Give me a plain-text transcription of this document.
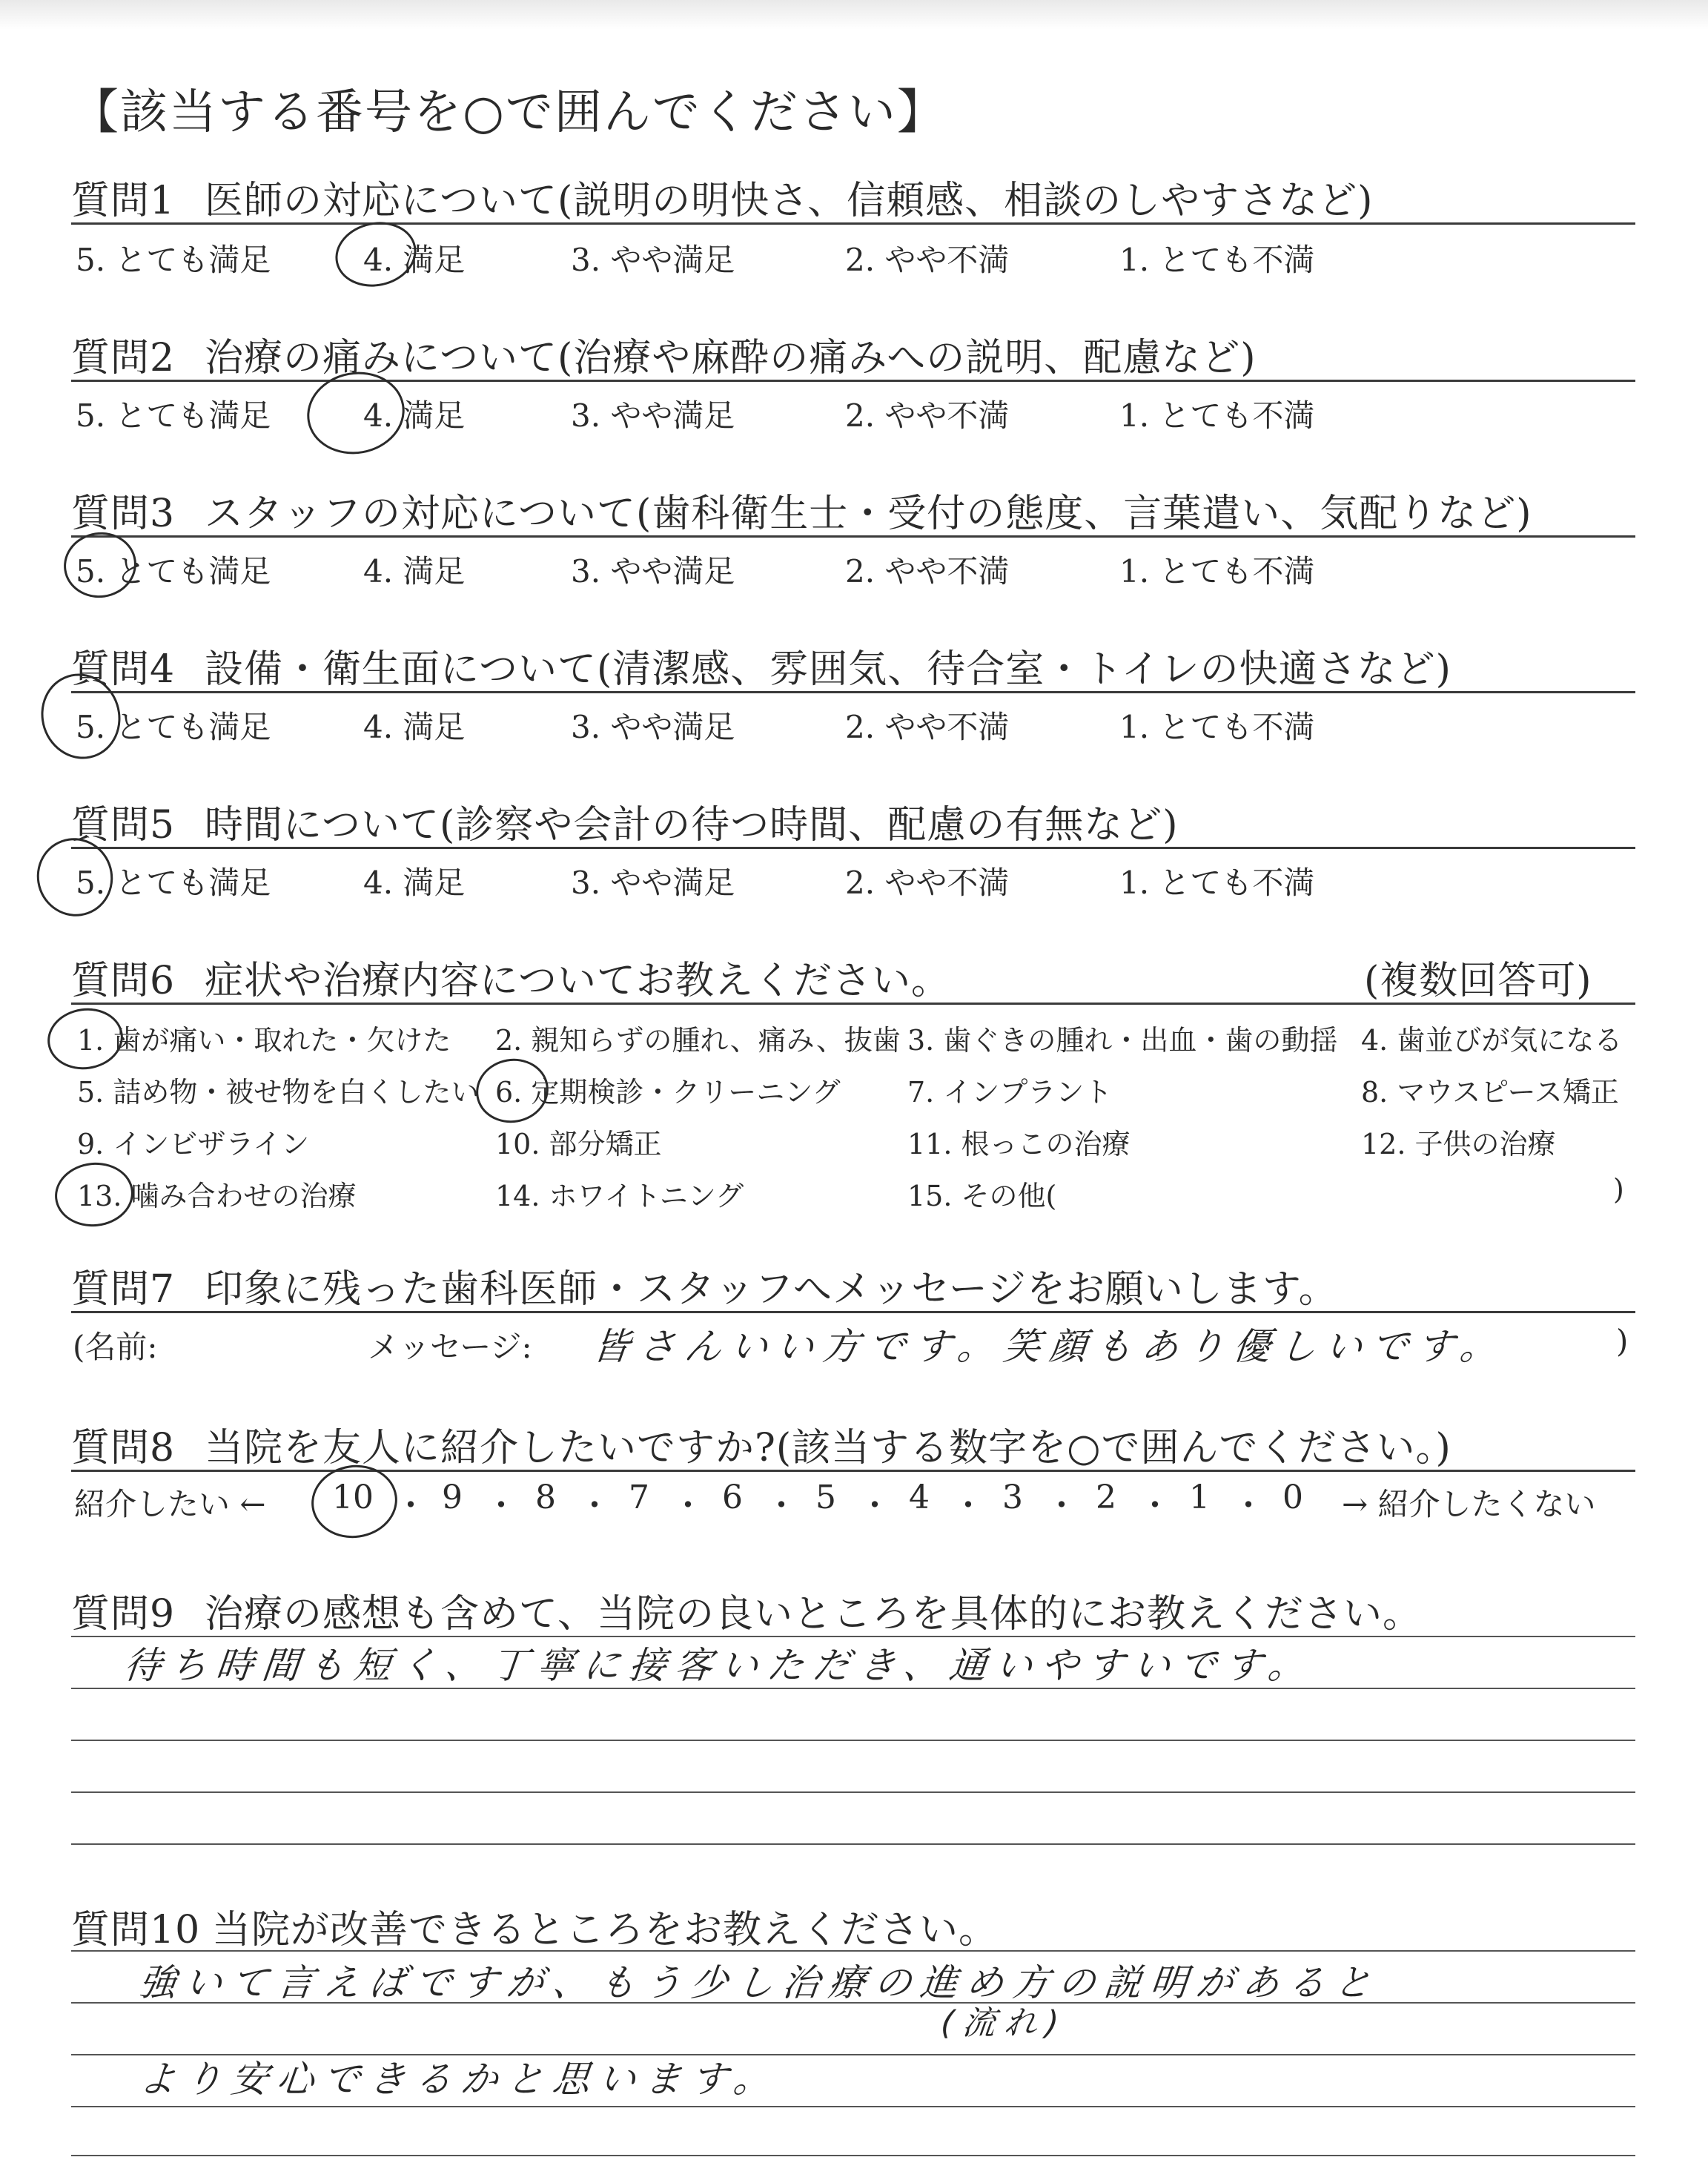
【該当する番号を○で囲んでください】
質問1 医師の対応について(説明の明快さ、信頼感、相談のしやすさなど)
5. とても満足	4. 満足	3. やや満足	2. やや不満	1. とても不満
質問2 治療の痛みについて(治療や麻酔の痛みへの説明、配慮など)
5. とても満足	4. 満足	3. やや満足	2. やや不満	1. とても不満
質問3 スタッフの対応について(歯科衛生士・受付の態度、言葉遣い、気配りなど)
5. とても満足	4. 満足	3. やや満足	2. やや不満	1. とても不満
質問4 設備・衛生面について(清潔感、雰囲気、待合室・トイレの快適さなど)
5. とても満足	4. 満足	3. やや満足	2. やや不満	1. とても不満
質問5 時間について(診察や会計の待つ時間、配慮の有無など)
5. とても満足	4. 満足	3. やや満足	2. やや不満	1. とても不満
質問6 症状や治療内容についてお教えください。	(複数回答可)
1. 歯が痛い・取れた・欠けた 2. 親知らずの腫れ、痛み、抜歯 3. 歯ぐきの腫れ・出血・歯の動揺 4. 歯並びが気になる
5. 詰め物・被せ物を白くしたい 6. 定期検診・クリーニング 7. インプラント	8. マウスピース矯正
9. インビザライン	10. 部分矯正	11. 根っこの治療	12. 子供の治療
13. 噛み合わせの治療	14. ホワイトニング	15. その他(	)
質問7 印象に残った歯科医師・スタッフへメッセージをお願いします。
(名前:	メッセージ: 皆さんいい方です。笑顔もあり優しいです。	)
質問8 当院を友人に紹介したいですか?(該当する数字を○で囲んでください。)
紹介したい ← 10 ・ 9 ・ 8 ・ 7 ・ 6 ・ 5 ・ 4 ・ 3 ・ 2 ・ 1 ・ 0 → 紹介したくない
質問9 治療の感想も含めて、当院の良いところを具体的にお教えください。
待ち時間も短く、丁寧に接客いただき、通いやすいです。
質問10 当院が改善できるところをお教えください。
強いて言えばですが、もう少し治療の進め方の説明があると
(流れ)
より安心できるかと思います。
